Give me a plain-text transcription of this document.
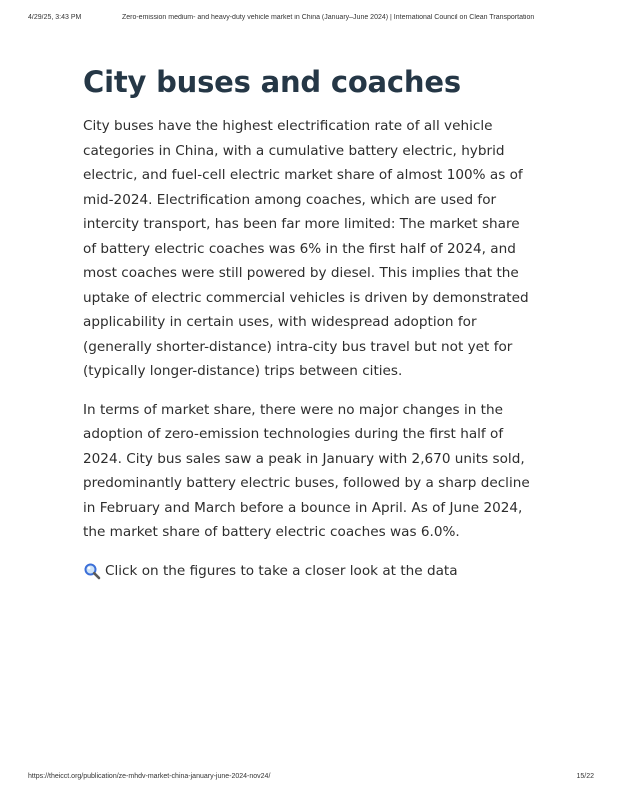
4/29/25, 3:43 PM	Zero-emission medium- and heavy-duty vehicle market in China (January–June 2024) | International Council on Clean Transportation
City buses and coaches

City buses have the highest electrification rate of all vehicle categories in China, with a cumulative battery electric, hybrid electric, and fuel-cell electric market share of almost 100% as of mid-2024. Electrification among coaches, which are used for intercity transport, has been far more limited: The market share of battery electric coaches was 6% in the first half of 2024, and most coaches were still powered by diesel. This implies that the uptake of electric commercial vehicles is driven by demonstrated applicability in certain uses, with widespread adoption for (generally shorter-distance) intra-city bus travel but not yet for (typically longer-distance) trips between cities.

In terms of market share, there were no major changes in the adoption of zero-emission technologies during the first half of 2024. City bus sales saw a peak in January with 2,670 units sold, predominantly battery electric buses, followed by a sharp decline in February and March before a bounce in April. As of June 2024, the market share of battery electric coaches was 6.0%.

Click on the figures to take a closer look at the data
https://theicct.org/publication/ze-mhdv-market-china-january-june-2024-nov24/	15/22
